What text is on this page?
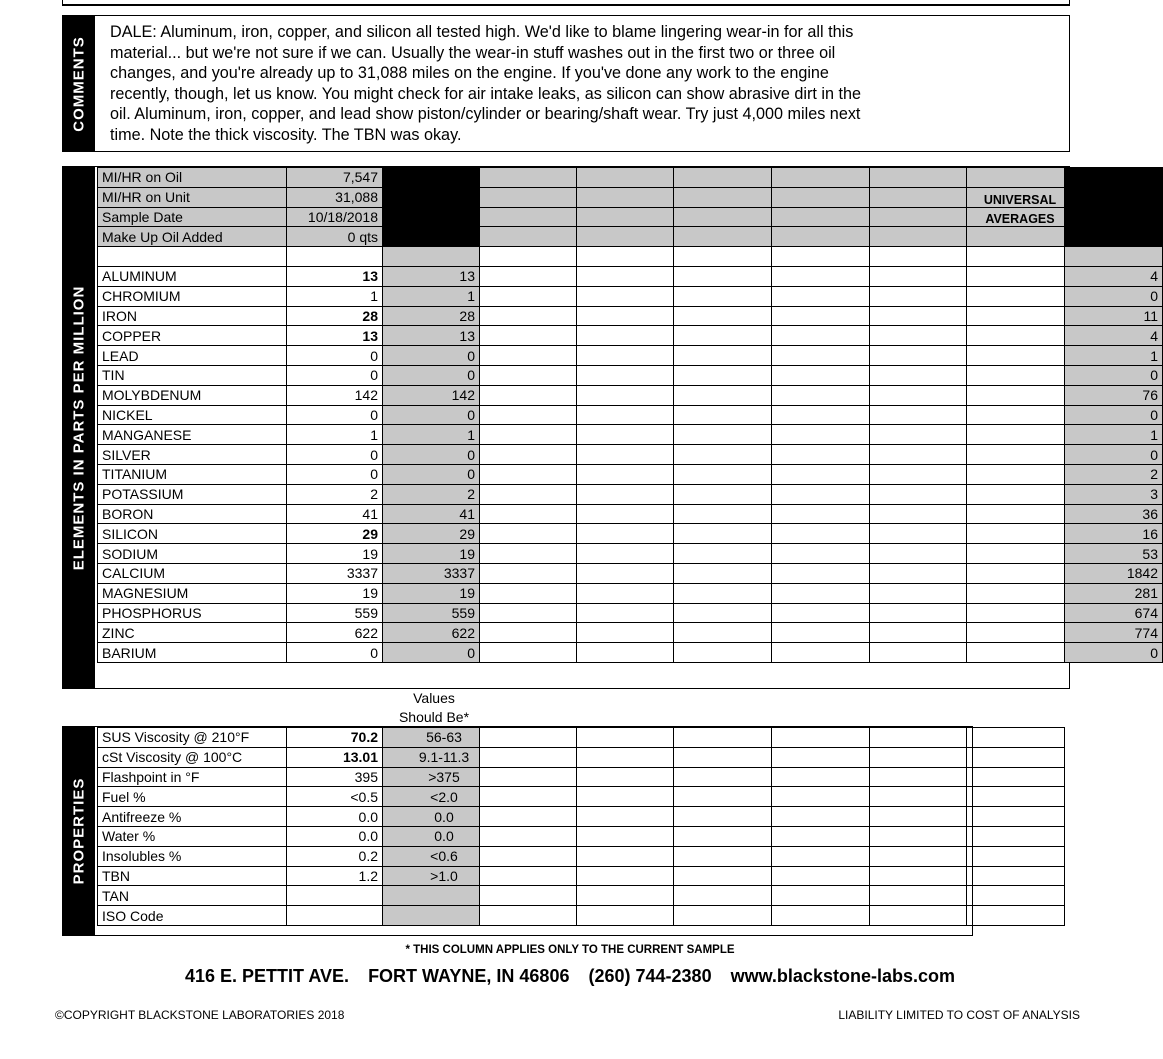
COMMENTS
DALE: Aluminum, iron, copper, and silicon all tested high. We'd like to blame lingering wear-in for all this
material... but we're not sure if we can. Usually the wear-in stuff washes out in the first two or three oil
changes, and you're already up to 31,088 miles on the engine. If you've done any work to the engine
recently, though, let us know. You might check for air intake leaks, as silicon can show abrasive dirt in the
oil. Aluminum, iron, copper, and lead show piston/cylinder or bearing/shaft wear. Try just 4,000 miles next
time. Note the thick viscosity. The TBN was okay.
ELEMENTS IN PARTS PER MILLION
MI/HR on Oil	7,547								
MI/HR on Unit	31,088								
Sample Date	10/18/2018								
Make Up Oil Added	0 qts								

ALUMINUM	13	13							4
CHROMIUM	1	1							0
IRON	28	28							11
COPPER	13	13							4
LEAD	0	0							1
TIN	0	0							0
MOLYBDENUM	142	142							76
NICKEL	0	0							0
MANGANESE	1	1							1
SILVER	0	0							0
TITANIUM	0	0							2
POTASSIUM	2	2							3
BORON	41	41							36
SILICON	29	29							16
SODIUM	19	19							53
CALCIUM	3337	3337							1842
MAGNESIUM	19	19							281
PHOSPHORUS	559	559							674
ZINC	622	622							774
BARIUM	0	0							0
UNIT /
LOCATION
AVERAGES
UNIVERSAL
AVERAGES
Values
Should Be*
PROPERTIES
SUS Viscosity @ 210°F	70.2	56-63						
cSt Viscosity @ 100°C	13.01	9.1-11.3						
Flashpoint in °F	395	>375						
Fuel %	<0.5	<2.0						
Antifreeze %	0.0	0.0						
Water %	0.0	0.0						
Insolubles %	0.2	<0.6						
TBN	1.2	>1.0						
TAN								
ISO Code								
* THIS COLUMN APPLIES ONLY TO THE CURRENT SAMPLE
416 E. PETTIT AVE. FORT WAYNE, IN 46806 (260) 744-2380 www.blackstone-labs.com
©COPYRIGHT BLACKSTONE LABORATORIES 2018	LIABILITY LIMITED TO COST OF ANALYSIS
